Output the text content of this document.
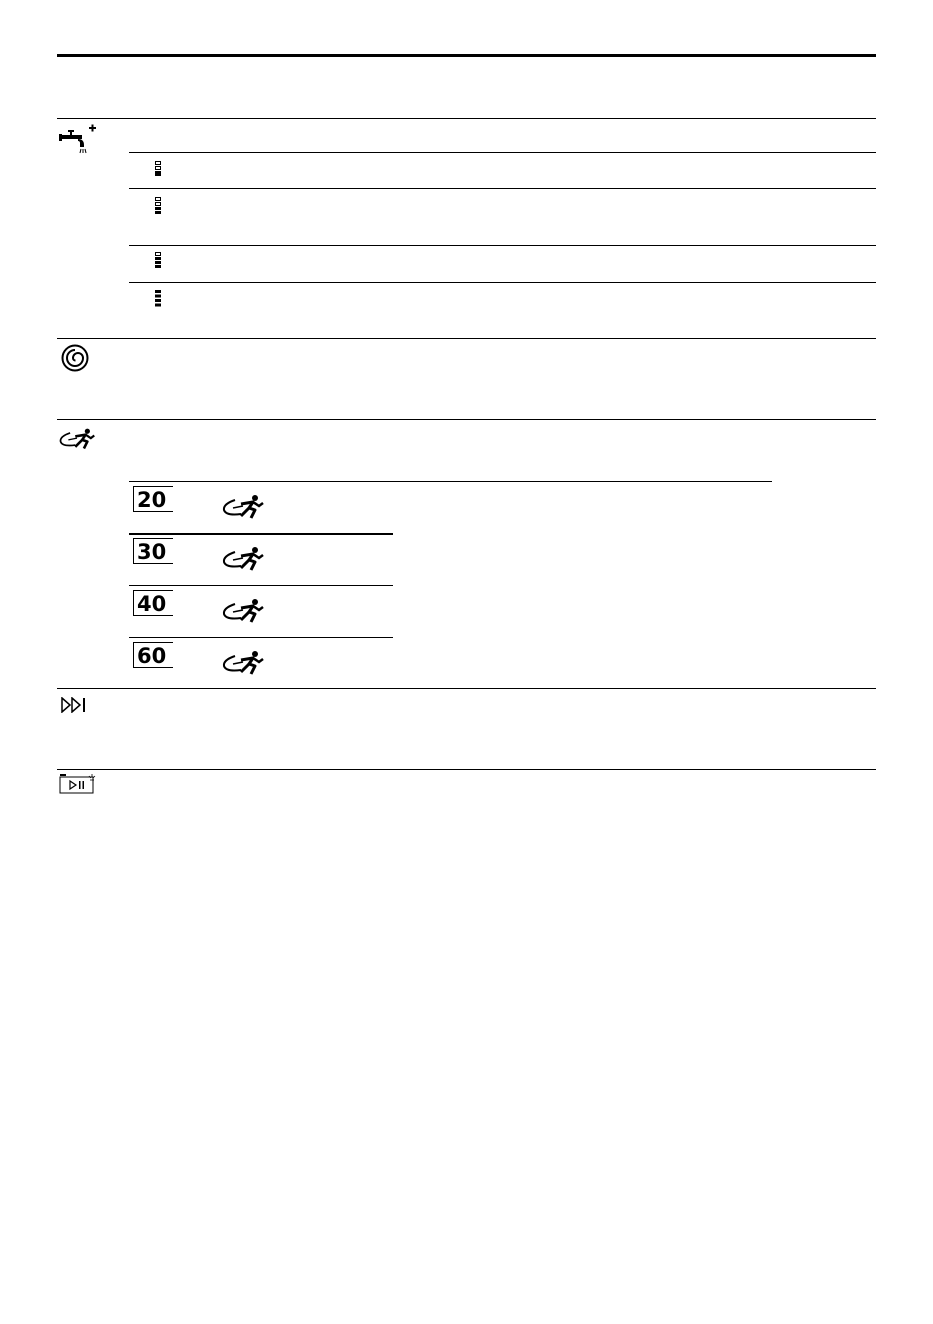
20
30
40
60
